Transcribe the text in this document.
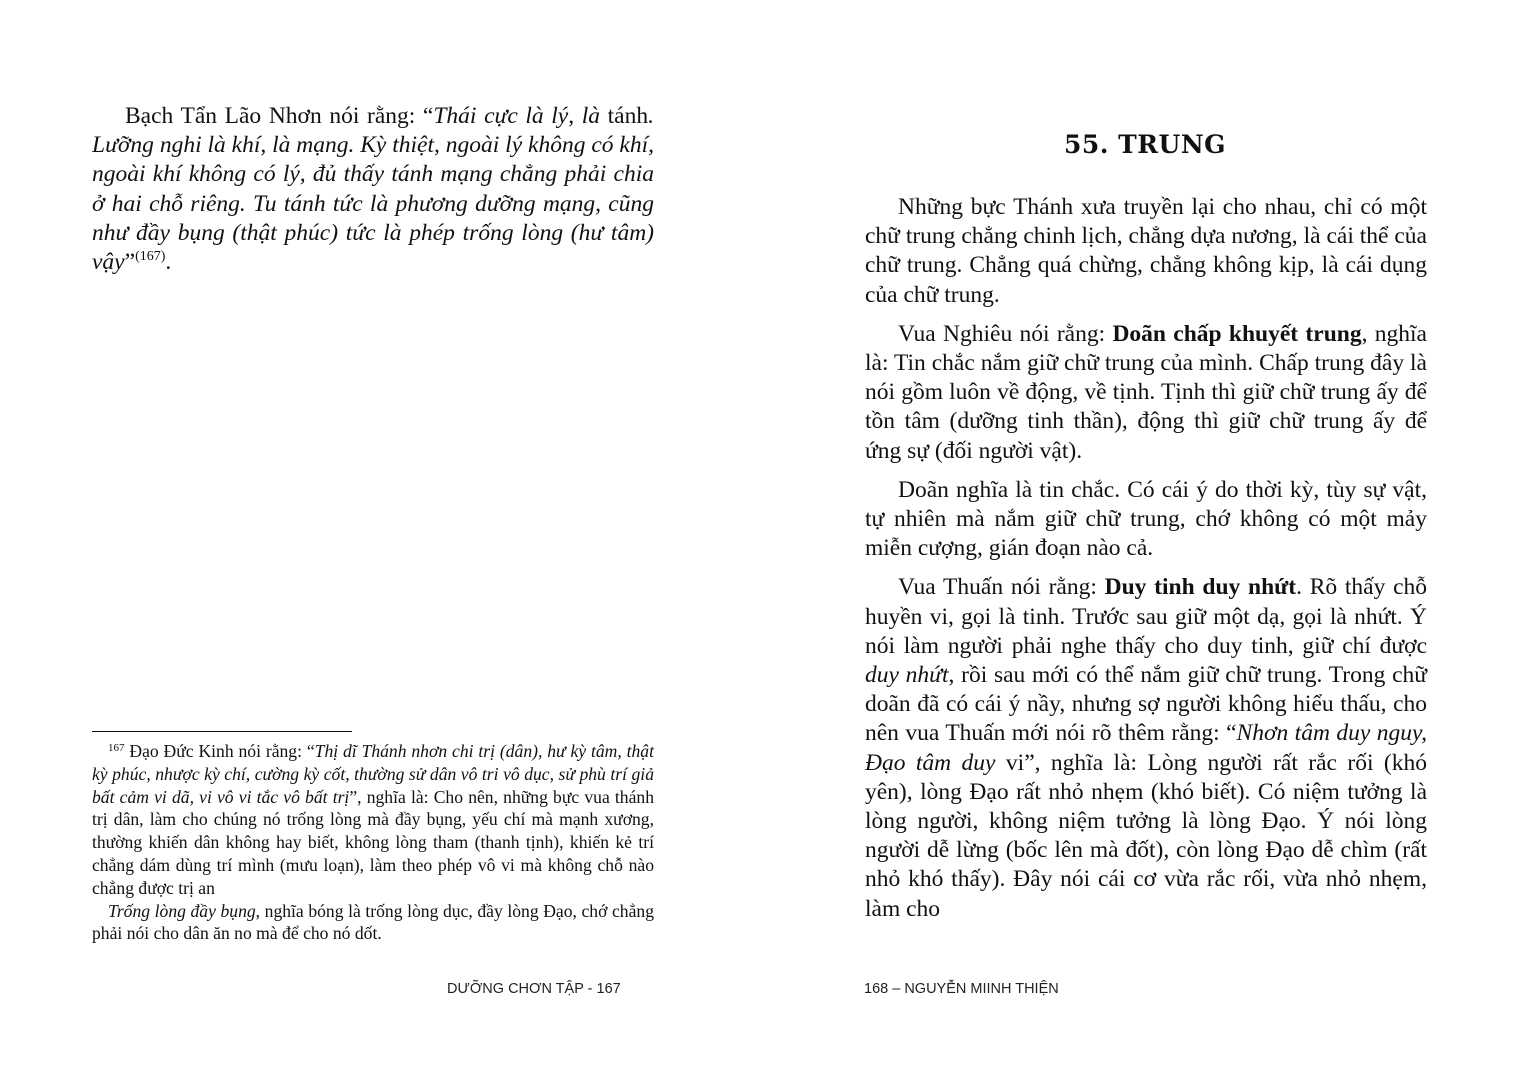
Bạch Tẩn Lão Nhơn nói rằng: “Thái cực là lý, là tánh. Lưỡng nghi là khí, là mạng. Kỳ thiệt, ngoài lý không có khí, ngoài khí không có lý, đủ thấy tánh mạng chẳng phải chia ở hai chỗ riêng. Tu tánh tức là phương dưỡng mạng, cũng như đầy bụng (thật phúc) tức là phép trống lòng (hư tâm) vậy”$^{(167)}$.

$^{167}$ Đạo Đức Kinh nói rằng: “Thị dĩ Thánh nhơn chi trị (dân), hư kỳ tâm, thật kỳ phúc, nhược kỳ chí, cường kỳ cốt, thường sử dân vô tri vô dục, sử phù trí giả bất cảm vi dã, vi vô vi tắc vô bất trị”, nghĩa là: Cho nên, những bực vua thánh trị dân, làm cho chúng nó trống lòng mà đầy bụng, yếu chí mà mạnh xương, thường khiến dân không hay biết, không lòng tham (thanh tịnh), khiến kẻ trí chẳng dám dùng trí mình (mưu loạn), làm theo phép vô vi mà không chỗ nào chẳng được trị an

Trống lòng đầy bụng, nghĩa bóng là trống lòng dục, đầy lòng Đạo, chớ chẳng phải nói cho dân ăn no mà để cho nó dốt.

DƯỠNG CHƠN TẬP - 167

55. TRUNG

Những bực Thánh xưa truyền lại cho nhau, chỉ có một chữ trung chẳng chinh lịch, chẳng dựa nương, là cái thể của chữ trung. Chẳng quá chừng, chẳng không kịp, là cái dụng của chữ trung.

Vua Nghiêu nói rằng: Doãn chấp khuyết trung, nghĩa là: Tin chắc nắm giữ chữ trung của mình. Chấp trung đây là nói gồm luôn về động, về tịnh. Tịnh thì giữ chữ trung ấy để tồn tâm (dưỡng tinh thần), động thì giữ chữ trung ấy để ứng sự (đối người vật).

Doãn nghĩa là tin chắc. Có cái ý do thời kỳ, tùy sự vật, tự nhiên mà nắm giữ chữ trung, chớ không có một mảy miễn cượng, gián đoạn nào cả.

Vua Thuấn nói rằng: Duy tinh duy nhứt. Rõ thấy chỗ huyền vi, gọi là tinh. Trước sau giữ một dạ, gọi là nhứt. Ý nói làm người phải nghe thấy cho duy tinh, giữ chí được duy nhứt, rồi sau mới có thể nắm giữ chữ trung. Trong chữ doãn đã có cái ý nầy, nhưng sợ người không hiểu thấu, cho nên vua Thuấn mới nói rõ thêm rằng: “Nhơn tâm duy nguy, Đạo tâm duy vi”, nghĩa là: Lòng người rất rắc rối (khó yên), lòng Đạo rất nhỏ nhẹm (khó biết). Có niệm tưởng là lòng người, không niệm tưởng là lòng Đạo. Ý nói lòng người dễ lừng (bốc lên mà đốt), còn lòng Đạo dễ chìm (rất nhỏ khó thấy). Đây nói cái cơ vừa rắc rối, vừa nhỏ nhẹm, làm cho

168 – NGUYỄN MIINH THIỆN
